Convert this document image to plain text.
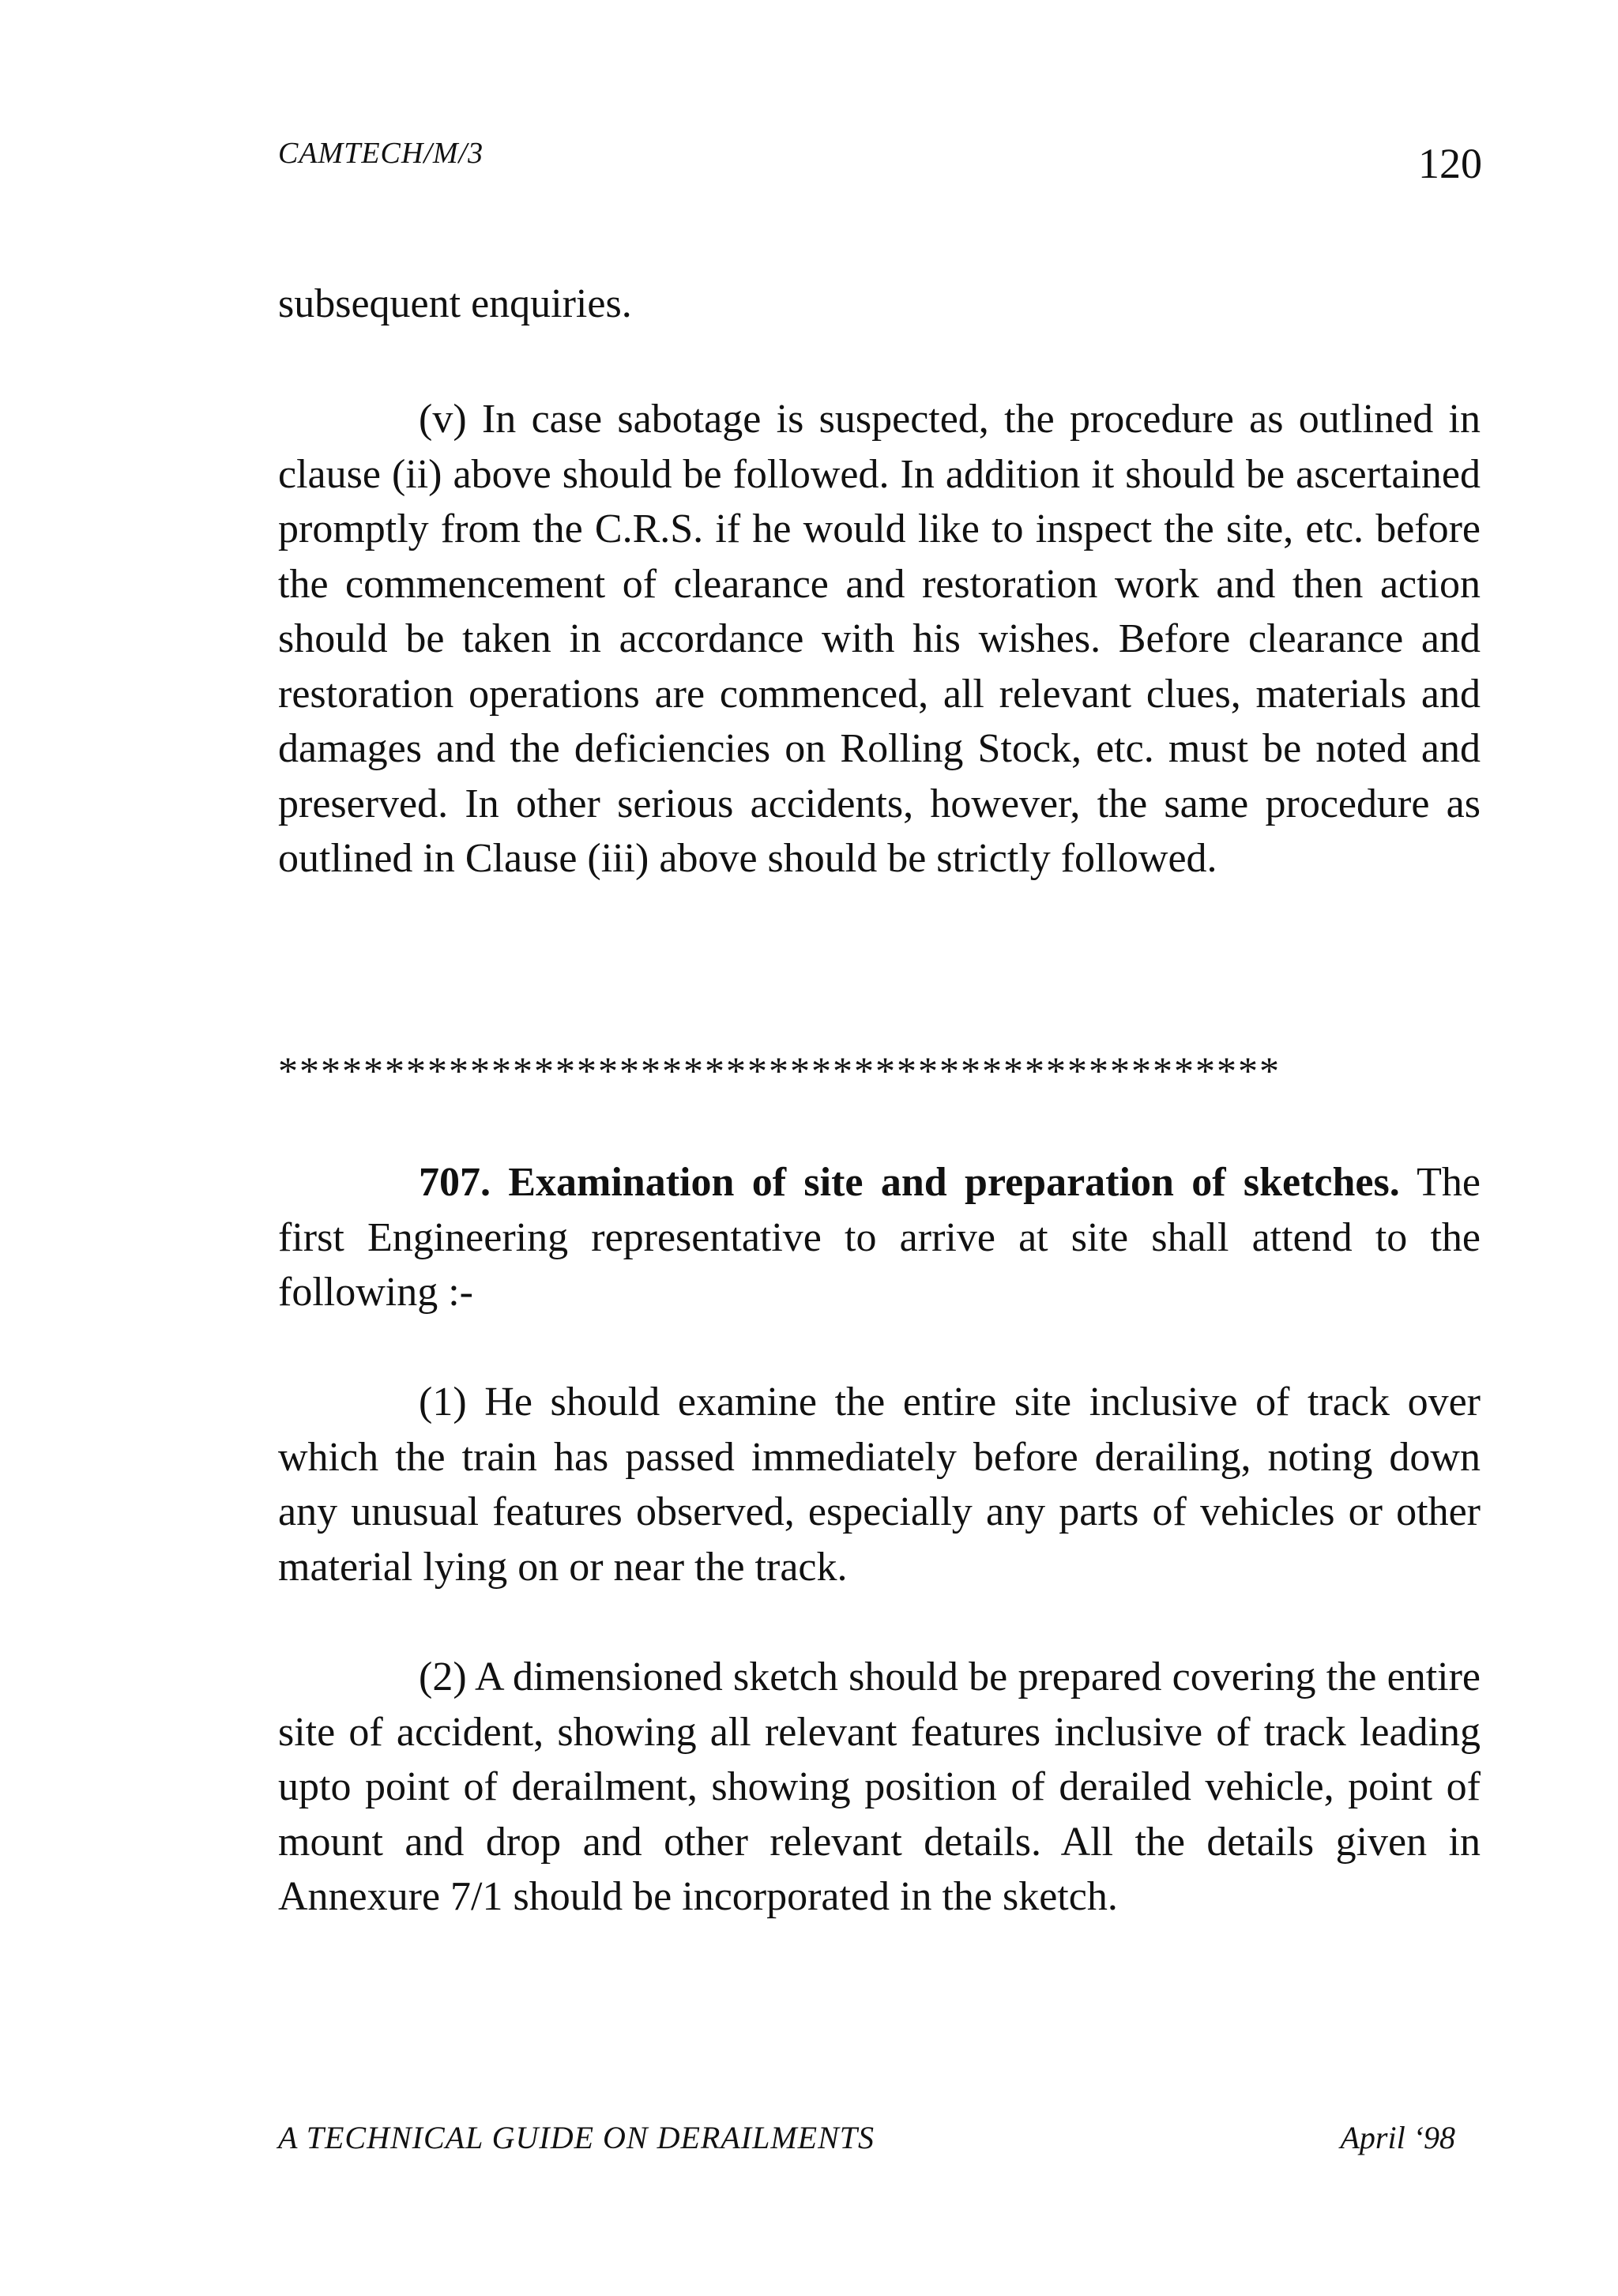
CAMTECH/M/3	120

subsequent enquiries.

(v) In case sabotage is suspected, the procedure as outlined in clause (ii) above should be followed. In addition it should be ascertained promptly from the C.R.S. if he would like to inspect the site, etc. before the commencement of clearance and restoration work and then action should be taken in accordance with his wishes. Before clearance and restoration operations are commenced, all relevant clues, materials and damages and the deficiencies on Rolling Stock, etc. must be noted and preserved. In other serious accidents, however, the same procedure as outlined in Clause (iii) above should be strictly followed.

***********************************************

707. Examination of site and preparation of sketches. The first Engineering representative to arrive at site shall attend to the following :-

(1) He should examine the entire site inclusive of track over which the train has passed immediately before derailing, noting down any unusual features observed, especially any parts of vehicles or other material lying on or near the track.

(2) A dimensioned sketch should be prepared covering the entire site of accident, showing all relevant features inclusive of track leading upto point of derailment, showing position of derailed vehicle, point of mount and drop and other relevant details. All the details given in Annexure 7/1 should be incorporated in the sketch.

A TECHNICAL GUIDE ON DERAILMENTS	April ‘98
